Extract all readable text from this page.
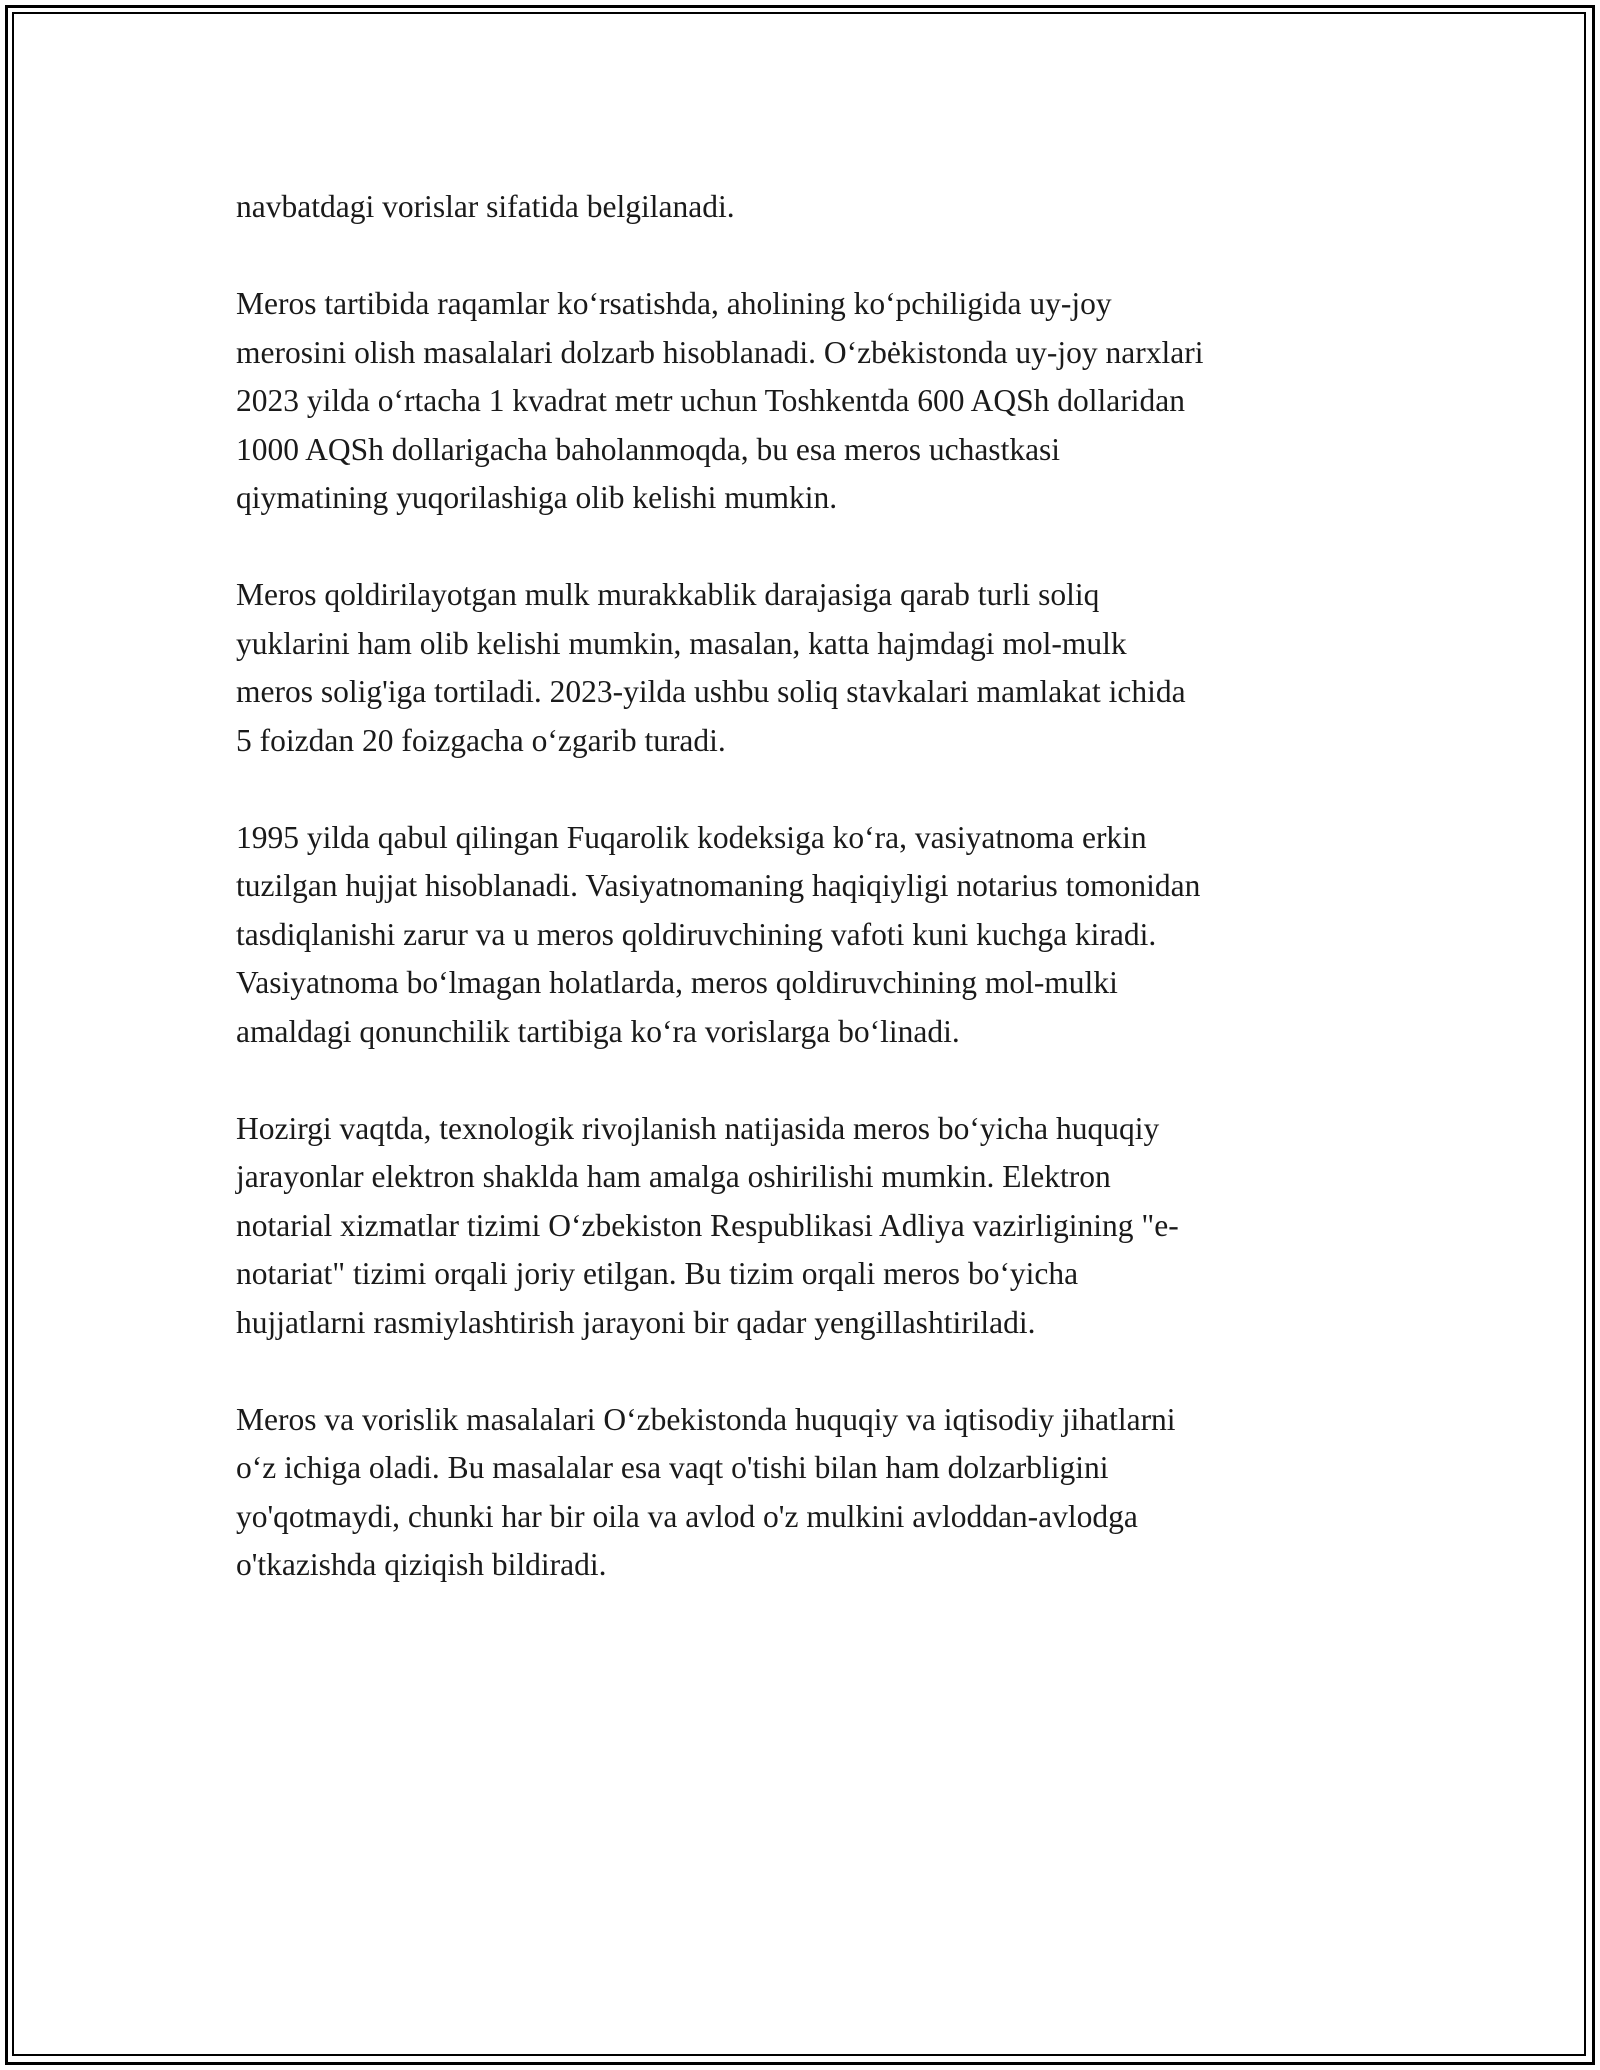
navbatdagi vorislar sifatida belgilanadi.

Meros tartibida raqamlar ko‘rsatishda, aholining ko‘pchiligida uy-joy
merosini olish masalalari dolzarb hisoblanadi. O‘zbėkistonda uy-joy narxlari
2023 yilda o‘rtacha 1 kvadrat metr uchun Toshkentda 600 AQSh dollaridan
1000 AQSh dollarigacha baholanmoqda, bu esa meros uchastkasi
qiymatining yuqorilashiga olib kelishi mumkin.

Meros qoldirilayotgan mulk murakkablik darajasiga qarab turli soliq
yuklarini ham olib kelishi mumkin, masalan, katta hajmdagi mol-mulk
meros solig'iga tortiladi. 2023-yilda ushbu soliq stavkalari mamlakat ichida
5 foizdan 20 foizgacha o‘zgarib turadi.

1995 yilda qabul qilingan Fuqarolik kodeksiga ko‘ra, vasiyatnoma erkin
tuzilgan hujjat hisoblanadi. Vasiyatnomaning haqiqiyligi notarius tomonidan
tasdiqlanishi zarur va u meros qoldiruvchining vafoti kuni kuchga kiradi.
Vasiyatnoma bo‘lmagan holatlarda, meros qoldiruvchining mol-mulki
amaldagi qonunchilik tartibiga ko‘ra vorislarga bo‘linadi.

Hozirgi vaqtda, texnologik rivojlanish natijasida meros bo‘yicha huquqiy
jarayonlar elektron shaklda ham amalga oshirilishi mumkin. Elektron
notarial xizmatlar tizimi O‘zbekiston Respublikasi Adliya vazirligining "e-
notariat" tizimi orqali joriy etilgan. Bu tizim orqali meros bo‘yicha
hujjatlarni rasmiylashtirish jarayoni bir qadar yengillashtiriladi.

Meros va vorislik masalalari O‘zbekistonda huquqiy va iqtisodiy jihatlarni
o‘z ichiga oladi. Bu masalalar esa vaqt o'tishi bilan ham dolzarbligini
yo'qotmaydi, chunki har bir oila va avlod o'z mulkini avloddan-avlodga
o'tkazishda qiziqish bildiradi.
